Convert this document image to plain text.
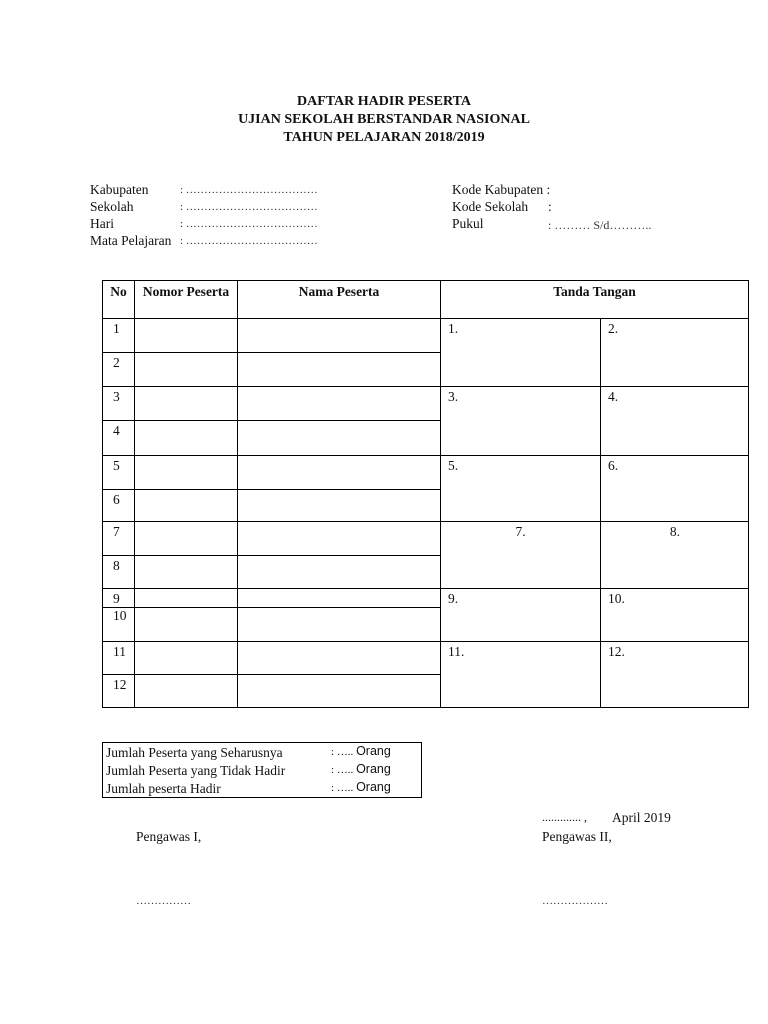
DAFTAR HADIR PESERTA
UJIAN SEKOLAH BERSTANDAR NASIONAL
TAHUN PELAJARAN 2018/2019
Kabupaten	: ………………………………
Sekolah	: ………………………………
Hari	: ………………………………
Mata Pelajaran : ………………………………
Kode Kabupaten :
Kode Sekolah :
Pukul	: ……… S/d………..
No	Nomor Peserta	Nama Peserta	Tanda Tangan	

1			1.	2.
2				
3			3.	4.
4				
5			5.	6.
6				
7			7.	8.
8				
9			9.	10.
10				
11			11.	12.
12				
Jumlah Peserta yang Seharusnya	: ….. Orang
Jumlah Peserta yang Tidak Hadir	: ….. Orang
Jumlah peserta Hadir	: ….. Orang
............. , April 2019
Pengawas I,	Pengawas II,
……………	………………
